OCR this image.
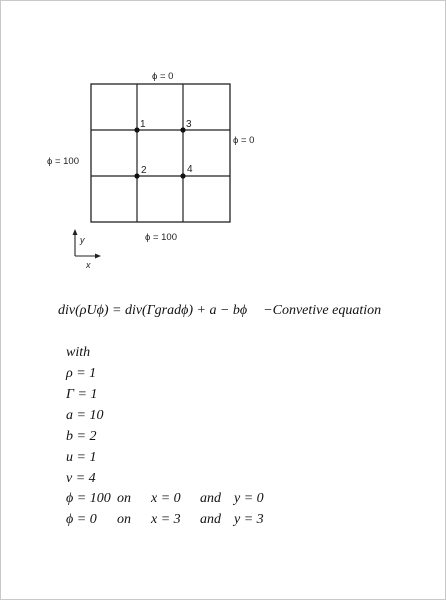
1	3
2	4
ϕ = 0
ϕ = 0
ϕ = 100
ϕ = 100
y
x
div(ρUϕ) = div(Γgradϕ) + a − bϕ −Convetive equation
with
ρ = 1
Γ = 1
a = 10
b = 2
u = 1
v = 4
ϕ = 100 on x = 0 and y = 0
ϕ = 0 on x = 3 and y = 3
